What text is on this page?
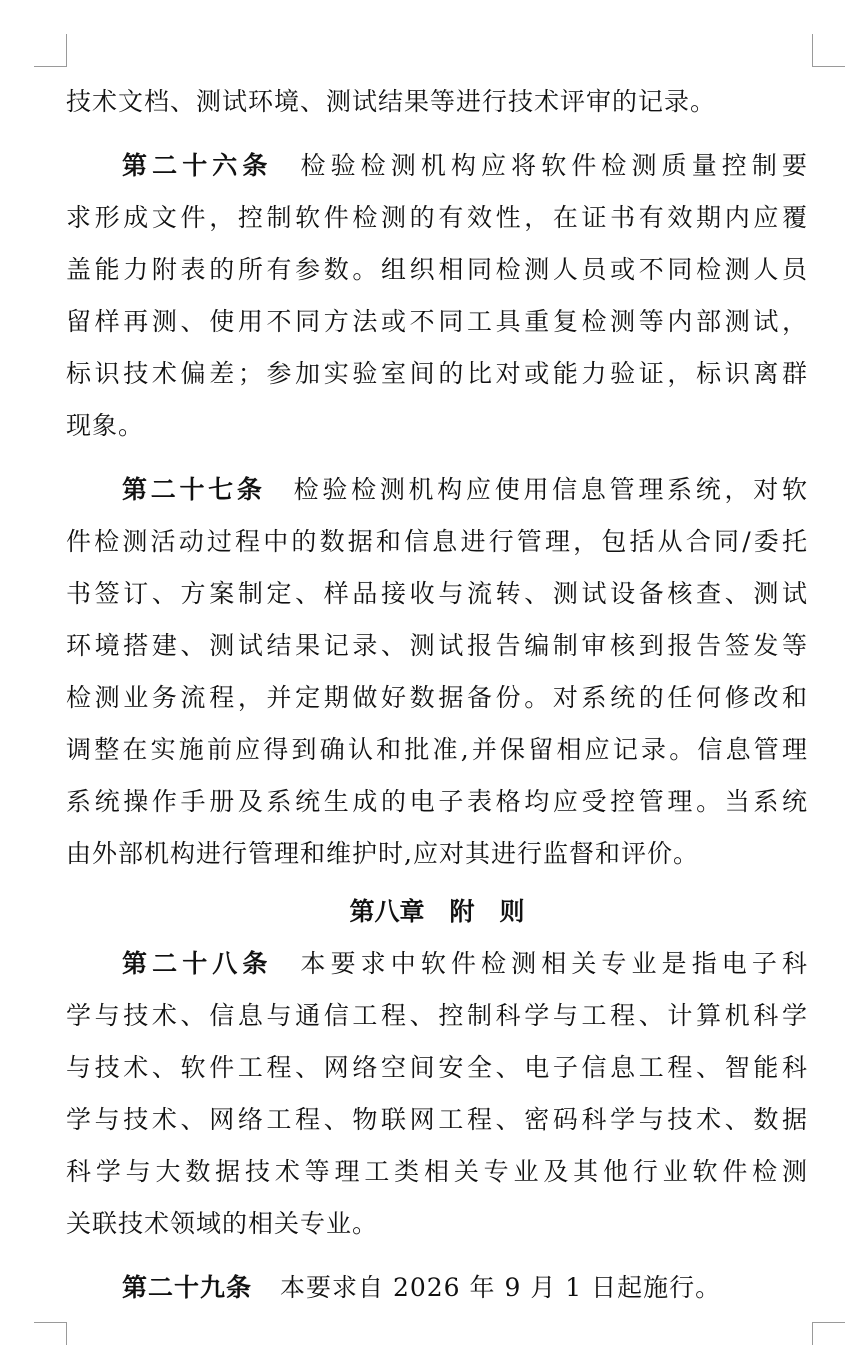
技术文档、测试环境、测试结果等进行技术评审的记录。
第二十六条 检验检测机构应将软件检测质量控制要
求形成文件，控制软件检测的有效性，在证书有效期内应覆
盖能力附表的所有参数。组织相同检测人员或不同检测人员
留样再测、使用不同方法或不同工具重复检测等内部测试，
标识技术偏差；参加实验室间的比对或能力验证，标识离群
现象。
第二十七条 检验检测机构应使用信息管理系统，对软
件检测活动过程中的数据和信息进行管理，包括从合同/委托
书签订、方案制定、样品接收与流转、测试设备核查、测试
环境搭建、测试结果记录、测试报告编制审核到报告签发等
检测业务流程，并定期做好数据备份。对系统的任何修改和
调整在实施前应得到确认和批准,并保留相应记录。信息管理
系统操作手册及系统生成的电子表格均应受控管理。当系统
由外部机构进行管理和维护时,应对其进行监督和评价。
第八章　附　则
第二十八条 本要求中软件检测相关专业是指电子科
学与技术、信息与通信工程、控制科学与工程、计算机科学
与技术、软件工程、网络空间安全、电子信息工程、智能科
学与技术、网络工程、物联网工程、密码科学与技术、数据
科学与大数据技术等理工类相关专业及其他行业软件检测
关联技术领域的相关专业。
第二十九条 本要求自 2026 年 9 月 1 日起施行。
